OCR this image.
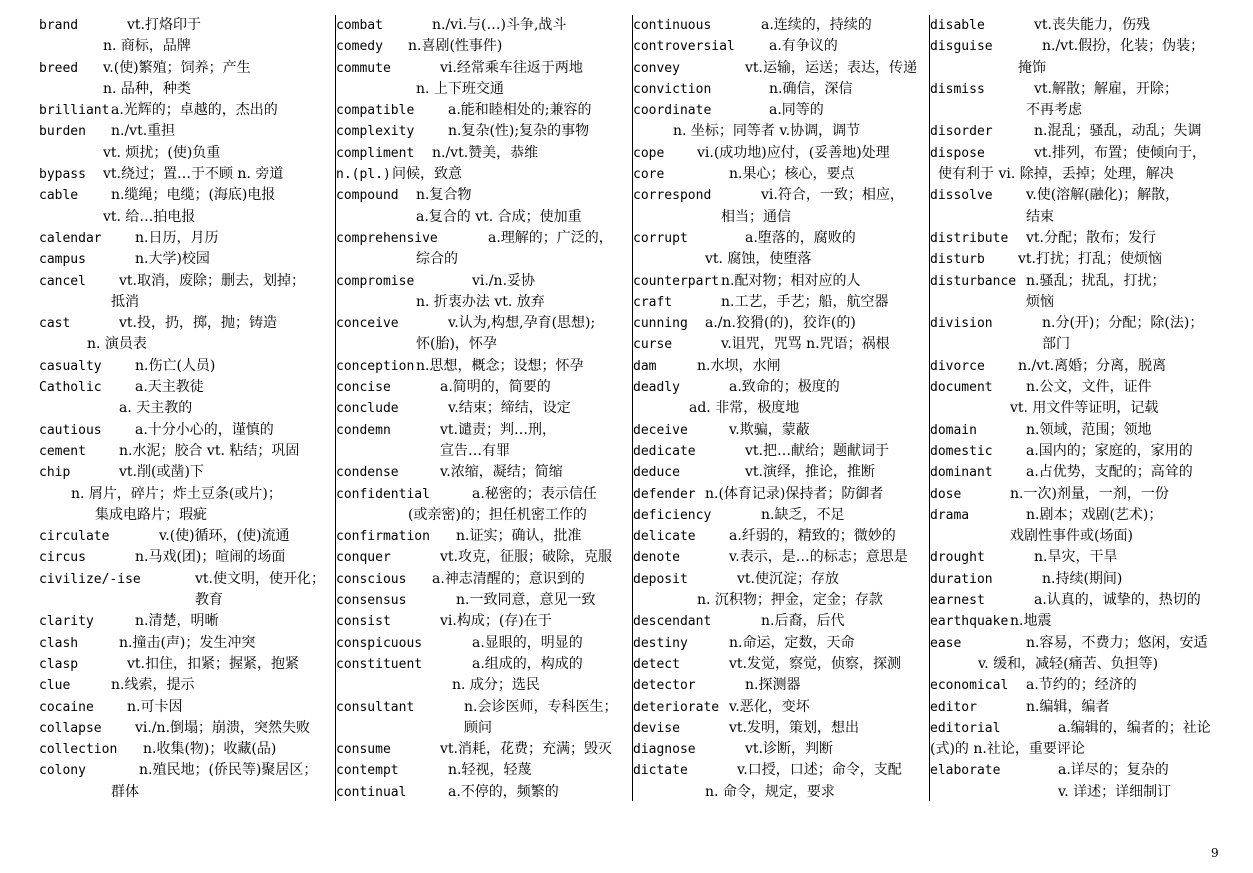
brand	vt.打烙印于
n. 商标，品牌
breed v.(使)繁殖；饲养；产生
n. 品种，种类
brilliant a.光辉的；卓越的，杰出的
burden n./vt.重担
vt. 烦扰；(使)负重
bypass vt.绕过；置…于不顾 n. 旁道
cable n.缆绳；电缆；(海底)电报
vt. 给…拍电报
calendar n.日历，月历
campus	n.大学)校园
cancel vt.取消，废除；删去，划掉；
抵消
cast	vt.投，扔，掷，抛；铸造
n. 演员表
casualty n.伤亡(人员)
Catholic a.天主教徒
a. 天主教的
cautious a.十分小心的，谨慎的
cement n.水泥；胶合 vt. 粘结；巩固
chip	vt.削(或凿)下
n. 屑片，碎片；炸土豆条(或片)；
集成电路片；瑕疵
circulate	v.(使)循环，(使)流通
circus	n.马戏(团)；喧闹的场面
civilize/-ise	vt.使文明，使开化；
教育
clarity	n.清楚，明晰
clash	n.撞击(声)；发生冲突
clasp	vt.扣住，扣紧；握紧，抱紧
clue	n.线索，提示
cocaine n.可卡因
collapse vi./n.倒塌；崩溃，突然失败
collection n.收集(物)；收藏(品)
colony	n.殖民地；(侨民等)聚居区；
群体
combat	n./vi.与(…)斗争,战斗
comedy n.喜剧(性事件)
commute	vi.经常乘车往返于两地
n. 上下班交通
compatible a.能和睦相处的;兼容的
complexity n.复杂(性);复杂的事物
compliment n./vt.赞美，恭维
n.(pl.) 问候，致意
compound n.复合物
a.复合的 vt. 合成；使加重
comprehensive	a.理解的；广泛的，
综合的
compromise	vi./n.妥协
n. 折衷办法 vt. 放弃
conceive	v.认为,构想,孕育(思想);
怀(胎)，怀孕
conception n.思想，概念；设想；怀孕
concise	a.简明的，简要的
conclude	v.结束；缔结，设定
condemn	vt.谴责；判…刑，
宣告…有罪
condense	v.浓缩，凝结；简缩
confidential	a.秘密的；表示信任
(或亲密)的；担任机密工作的
confirmation n.证实；确认，批准
conquer	vt.攻克，征服；破除，克服
conscious a.神志清醒的；意识到的
consensus	n.一致同意，意见一致
consist	vi.构成；(存)在于
conspicuous	a.显眼的，明显的
constituent	a.组成的，构成的
n. 成分；选民
consultant	n.会诊医师，专科医生；
顾问
consume	vt.消耗，花费；充满；毁灭
contempt	n.轻视，轻蔑
continual	a.不停的，频繁的
continuous	a.连续的，持续的
controversial a.有争议的
convey	vt.运输，运送；表达，传递
conviction	n.确信，深信
coordinate	a.同等的
n. 坐标；同等者 v.协调，调节
cope vi.(成功地)应付，(妥善地)处理
core	n.果心；核心，要点
correspond	vi.符合，一致；相应，
相当；通信
corrupt	a.堕落的，腐败的
vt. 腐蚀，使堕落
counterpart n.配对物；相对应的人
craft	n.工艺，手艺；船，航空器
cunning a./n.狡猾(的)，狡诈(的)
curse	v.诅咒，咒骂 n.咒语；祸根
dam	n.水坝，水闸
deadly	a.致命的；极度的
ad. 非常，极度地
deceive	v.欺骗，蒙蔽
dedicate	vt.把…献给；题献词于
deduce	vt.演绎，推论，推断
defender n.(体育记录)保持者；防御者
deficiency	n.缺乏，不足
delicate a.纤弱的，精致的；微妙的
denote	v.表示，是…的标志；意思是
deposit	vt.使沉淀；存放
n. 沉积物；押金，定金；存款
descendant	n.后裔，后代
destiny	n.命运，定数，天命
detect	vt.发觉，察觉，侦察，探测
detector	n.探测器
deteriorate v.恶化，变坏
devise	vt.发明，策划，想出
diagnose	vt.诊断，判断
dictate	v.口授，口述；命令，支配
n. 命令，规定，要求
disable	vt.丧失能力，伤残
disguise	n./vt.假扮，化装；伪装；
掩饰
dismiss	vt.解散；解雇，开除；
不再考虑
disorder	n.混乱；骚乱，动乱；失调
dispose	vt.排列，布置；使倾向于，
使有利于 vi. 除掉，丢掉；处理，解决
dissolve v.使(溶解(融化)；解散，
结束
distribute vt.分配；散布；发行
disturb vt.打扰；打乱；使烦恼
disturbance n.骚乱；扰乱，打扰；
烦恼
division	n.分(开)；分配；除(法)；
部门
divorce n./vt.离婚；分离，脱离
document n.公文，文件，证件
vt. 用文件等证明，记载
domain	n.领域，范围；领地
domestic a.国内的；家庭的，家用的
dominant a.占优势，支配的；高耸的
dose	n.一次)剂量，一剂，一份
drama	n.剧本；戏剧(艺术)；
戏剧性事件或(场面)
drought	n.旱灾，干旱
duration	n.持续(期间)
earnest	a.认真的，诚挚的，热切的
earthquake n.地震
ease	n.容易，不费力；悠闲，安适
v. 缓和，减轻(痛苦、负担等)
economical a.节约的；经济的
editor	n.编辑，编者
editorial	a.编辑的，编者的；社论
(式)的 n.社论，重要评论
elaborate	a.详尽的；复杂的
v. 详述；详细制订
9
